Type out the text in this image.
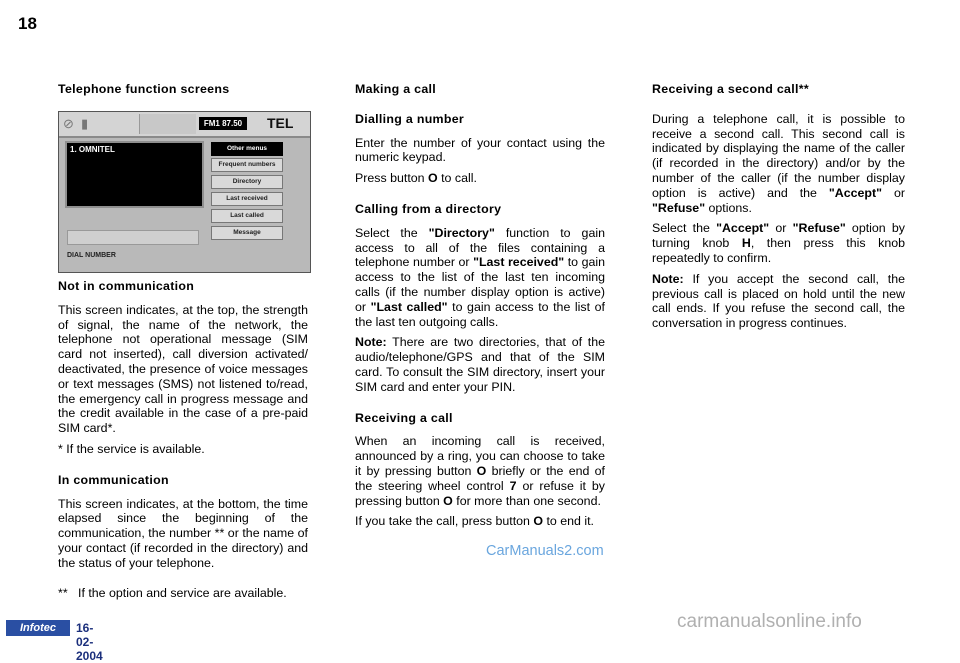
18
Telephone function screens
⊘ ▮	FM1 87.50	TEL
1. OMNITEL	Other menus
Frequent numbers
Directory
Last received
Last called
Message
DIAL NUMBER
Not in communication

This screen indicates, at the top, the strength of signal, the name of the network, the telephone not operational message (SIM card not inserted), call diversion activated/ deactivated, the presence of voice messages or text messages (SMS) not listened to/read, the emergency call in progress message and the credit available in the case of a pre-paid SIM card*.

* If the service is available.

In communication

This screen indicates, at the bottom, the time elapsed since the beginning of the communication, the number ** or the name of your contact (if recorded in the directory) and the status of your telephone.

** If the option and service are available.
Making a call
Dialling a number

Enter the number of your contact using the numeric keypad.

Press button O to call.

Calling from a directory

Select the "Directory" function to gain access to all of the files containing a telephone number or "Last received" to gain access to the list of the last ten incoming calls (if the number display option is active) or "Last called" to gain access to the list of the last ten outgoing calls.

Note: There are two directories, that of the audio/telephone/GPS and that of the SIM card. To consult the SIM directory, insert your SIM card and enter your PIN.

Receiving a call

When an incoming call is received, announced by a ring, you can choose to take it by pressing button O briefly or the end of the steering wheel control 7 or refuse it by pressing button O for more than one second.

If you take the call, press button O to end it.

Receiving a second call**

During a telephone call, it is possible to receive a second call. This second call is indicated by displaying the name of the caller (if recorded in the directory) and/or by the number of the caller (if the number display option is active) and the "Accept" or "Refuse" options.

Select the "Accept" or "Refuse" option by turning knob H, then press this knob repeatedly to confirm.

Note: If you accept the second call, the previous call is placed on hold until the new call ends. If you refuse the second call, the conversation in progress continues.

CarManuals2.com
carmanualsonline.info
Infotec	16-02-2004
